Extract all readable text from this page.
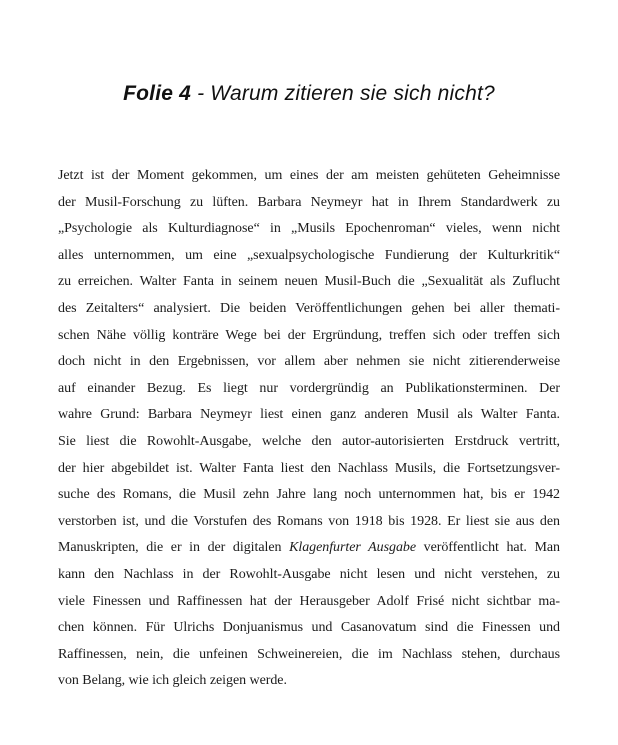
Folie 4 - Warum zitieren sie sich nicht?
Jetzt ist der Moment gekommen, um eines der am meisten gehüteten Geheimnisse
der Musil-Forschung zu lüften. Barbara Neymeyr hat in Ihrem Standardwerk zu
„Psychologie als Kulturdiagnose“ in „Musils Epochenroman“ vieles, wenn nicht
alles unternommen, um eine „sexualpsychologische Fundierung der Kulturkritik“
zu erreichen. Walter Fanta in seinem neuen Musil-Buch die „Sexualität als Zuflucht
des Zeitalters“ analysiert. Die beiden Veröffentlichungen gehen bei aller themati-
schen Nähe völlig konträre Wege bei der Ergründung, treffen sich oder treffen sich
doch nicht in den Ergebnissen, vor allem aber nehmen sie nicht zitierenderweise
auf einander Bezug. Es liegt nur vordergründig an Publikationsterminen. Der
wahre Grund: Barbara Neymeyr liest einen ganz anderen Musil als Walter Fanta.
Sie liest die Rowohlt-Ausgabe, welche den autor-autorisierten Erstdruck vertritt,
der hier abgebildet ist. Walter Fanta liest den Nachlass Musils, die Fortsetzungsver-
suche des Romans, die Musil zehn Jahre lang noch unternommen hat, bis er 1942
verstorben ist, und die Vorstufen des Romans von 1918 bis 1928. Er liest sie aus den
Manuskripten, die er in der digitalen Klagenfurter Ausgabe veröffentlicht hat. Man
kann den Nachlass in der Rowohlt-Ausgabe nicht lesen und nicht verstehen, zu
viele Finessen und Raffinessen hat der Herausgeber Adolf Frisé nicht sichtbar ma-
chen können. Für Ulrichs Donjuanismus und Casanovatum sind die Finessen und
Raffinessen, nein, die unfeinen Schweinereien, die im Nachlass stehen, durchaus
von Belang, wie ich gleich zeigen werde.
